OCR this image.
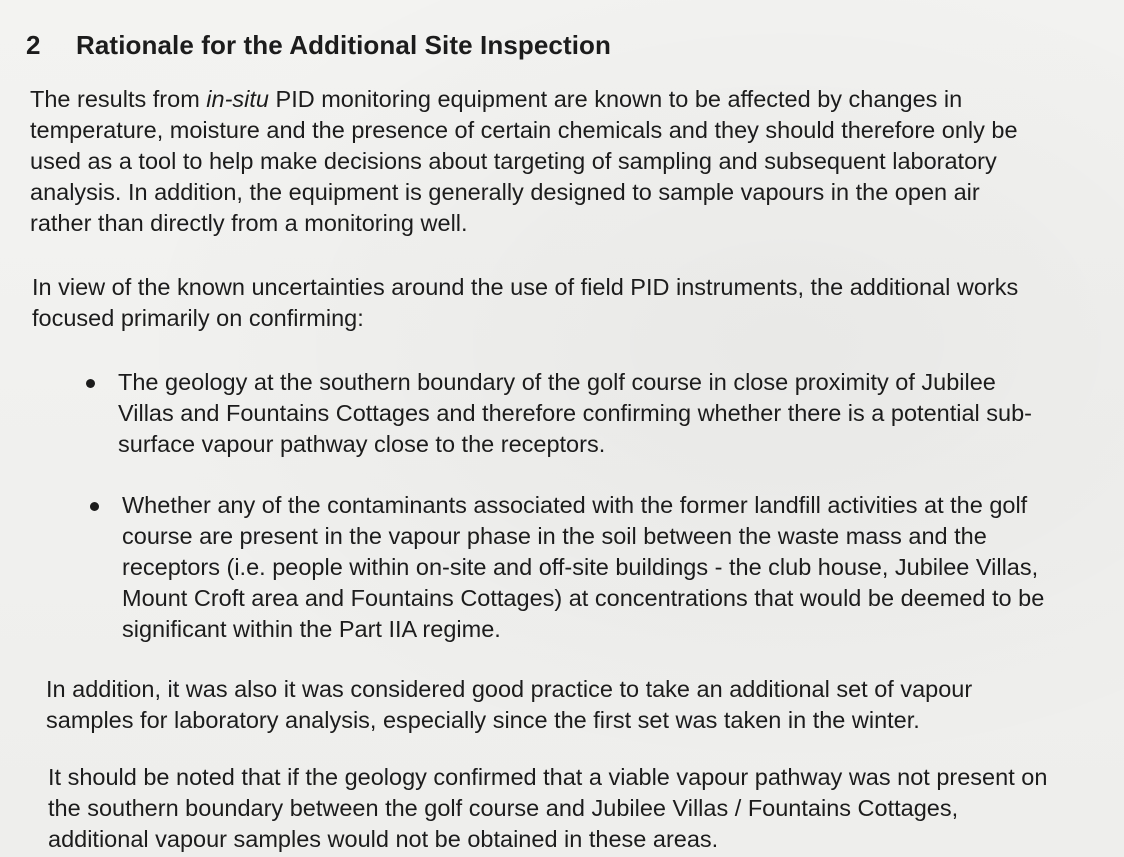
2 Rationale for the Additional Site Inspection
The results from in-situ PID monitoring equipment are known to be affected by changes in
temperature, moisture and the presence of certain chemicals and they should therefore only be
used as a tool to help make decisions about targeting of sampling and subsequent laboratory
analysis. In addition, the equipment is generally designed to sample vapours in the open air
rather than directly from a monitoring well.
In view of the known uncertainties around the use of field PID instruments, the additional works
focused primarily on confirming:
The geology at the southern boundary of the golf course in close proximity of Jubilee
Villas and Fountains Cottages and therefore confirming whether there is a potential sub-
surface vapour pathway close to the receptors.
Whether any of the contaminants associated with the former landfill activities at the golf
course are present in the vapour phase in the soil between the waste mass and the
receptors (i.e. people within on-site and off-site buildings - the club house, Jubilee Villas,
Mount Croft area and Fountains Cottages) at concentrations that would be deemed to be
significant within the Part IIA regime.
In addition, it was also it was considered good practice to take an additional set of vapour
samples for laboratory analysis, especially since the first set was taken in the winter.
It should be noted that if the geology confirmed that a viable vapour pathway was not present on
the southern boundary between the golf course and Jubilee Villas / Fountains Cottages,
additional vapour samples would not be obtained in these areas.
